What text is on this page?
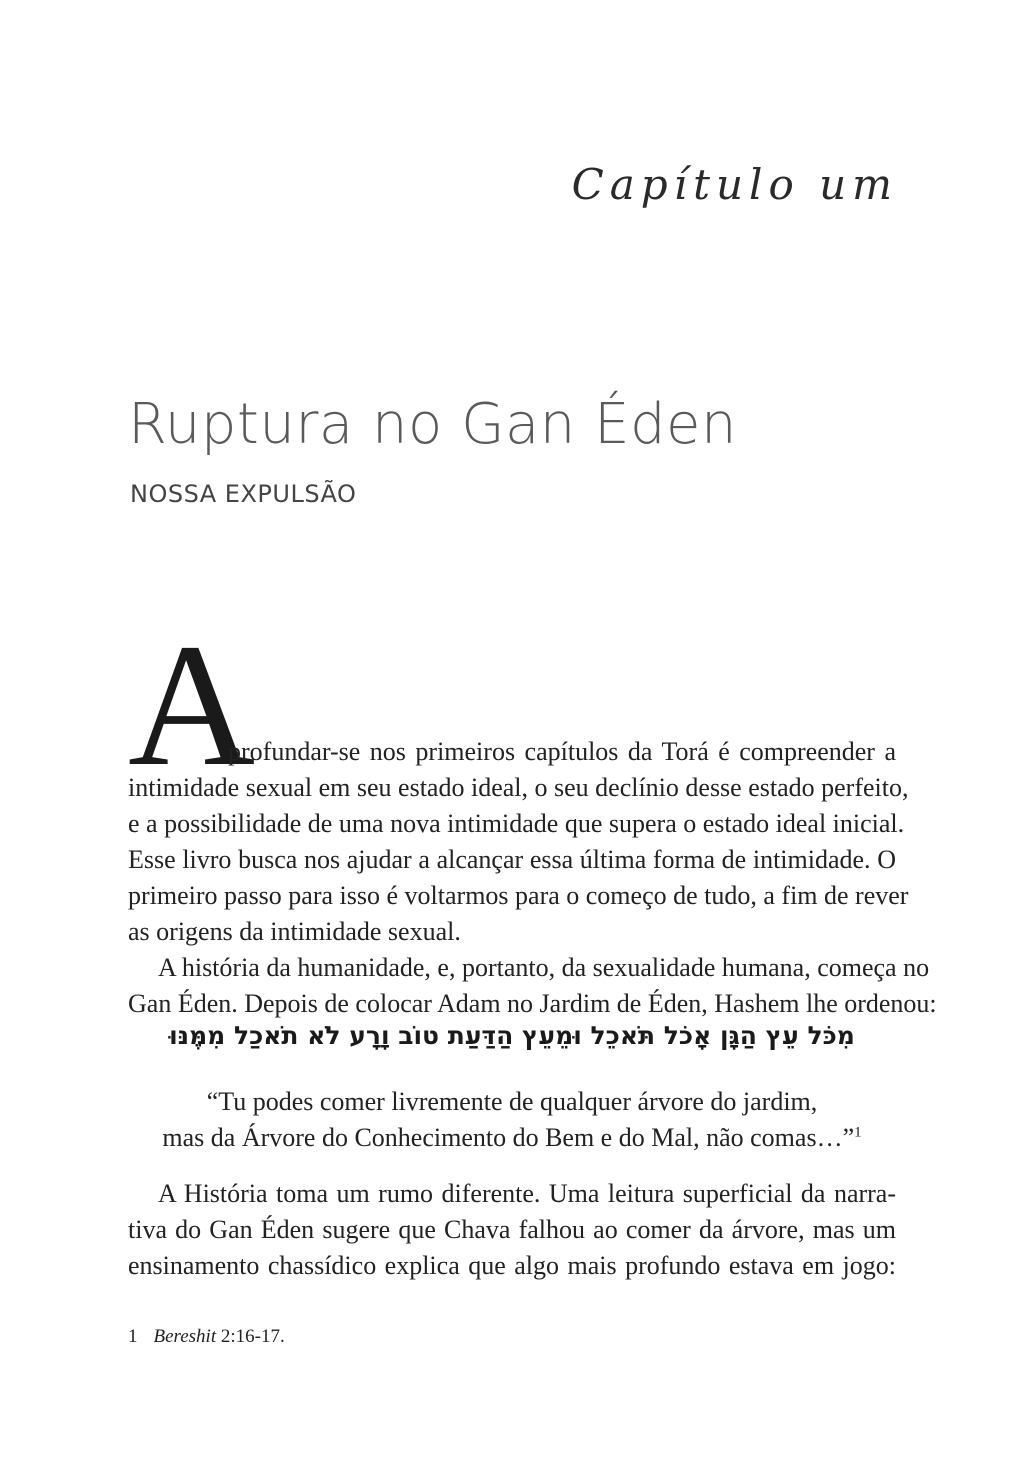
Capítulo um
Ruptura no Gan Éden
NOSSA EXPULSÃO
A
profundar-se nos primeiros capítulos da Torá é compreender a
intimidade sexual em seu estado ideal, o seu declínio desse estado perfeito,
e a possibilidade de uma nova intimidade que supera o estado ideal inicial.
Esse livro busca nos ajudar a alcançar essa última forma de intimidade. O
primeiro passo para isso é voltarmos para o começo de tudo, a fim de rever
as origens da intimidade sexual.
A história da humanidade, e, portanto, da sexualidade humana, começa no
Gan Éden. Depois de colocar Adam no Jardim de Éden, Hashem lhe ordenou:
מִכֹּל עֵץ הַגָּן אָכֹל תֹּאכֵל וּמֵעֵץ הַדַּעַת טוֹב וָרָע לֹא תֹאכַל מִמֶּנּוּ
“Tu podes comer livremente de qualquer árvore do jardim,
mas da Árvore do Conhecimento do Bem e do Mal, não comas…”$^1$
A História toma um rumo diferente. Uma leitura superficial da narra-
tiva do Gan Éden sugere que Chava falhou ao comer da árvore, mas um
ensinamento chassídico explica que algo mais profundo estava em jogo:
1 Bereshit 2:16-17.
